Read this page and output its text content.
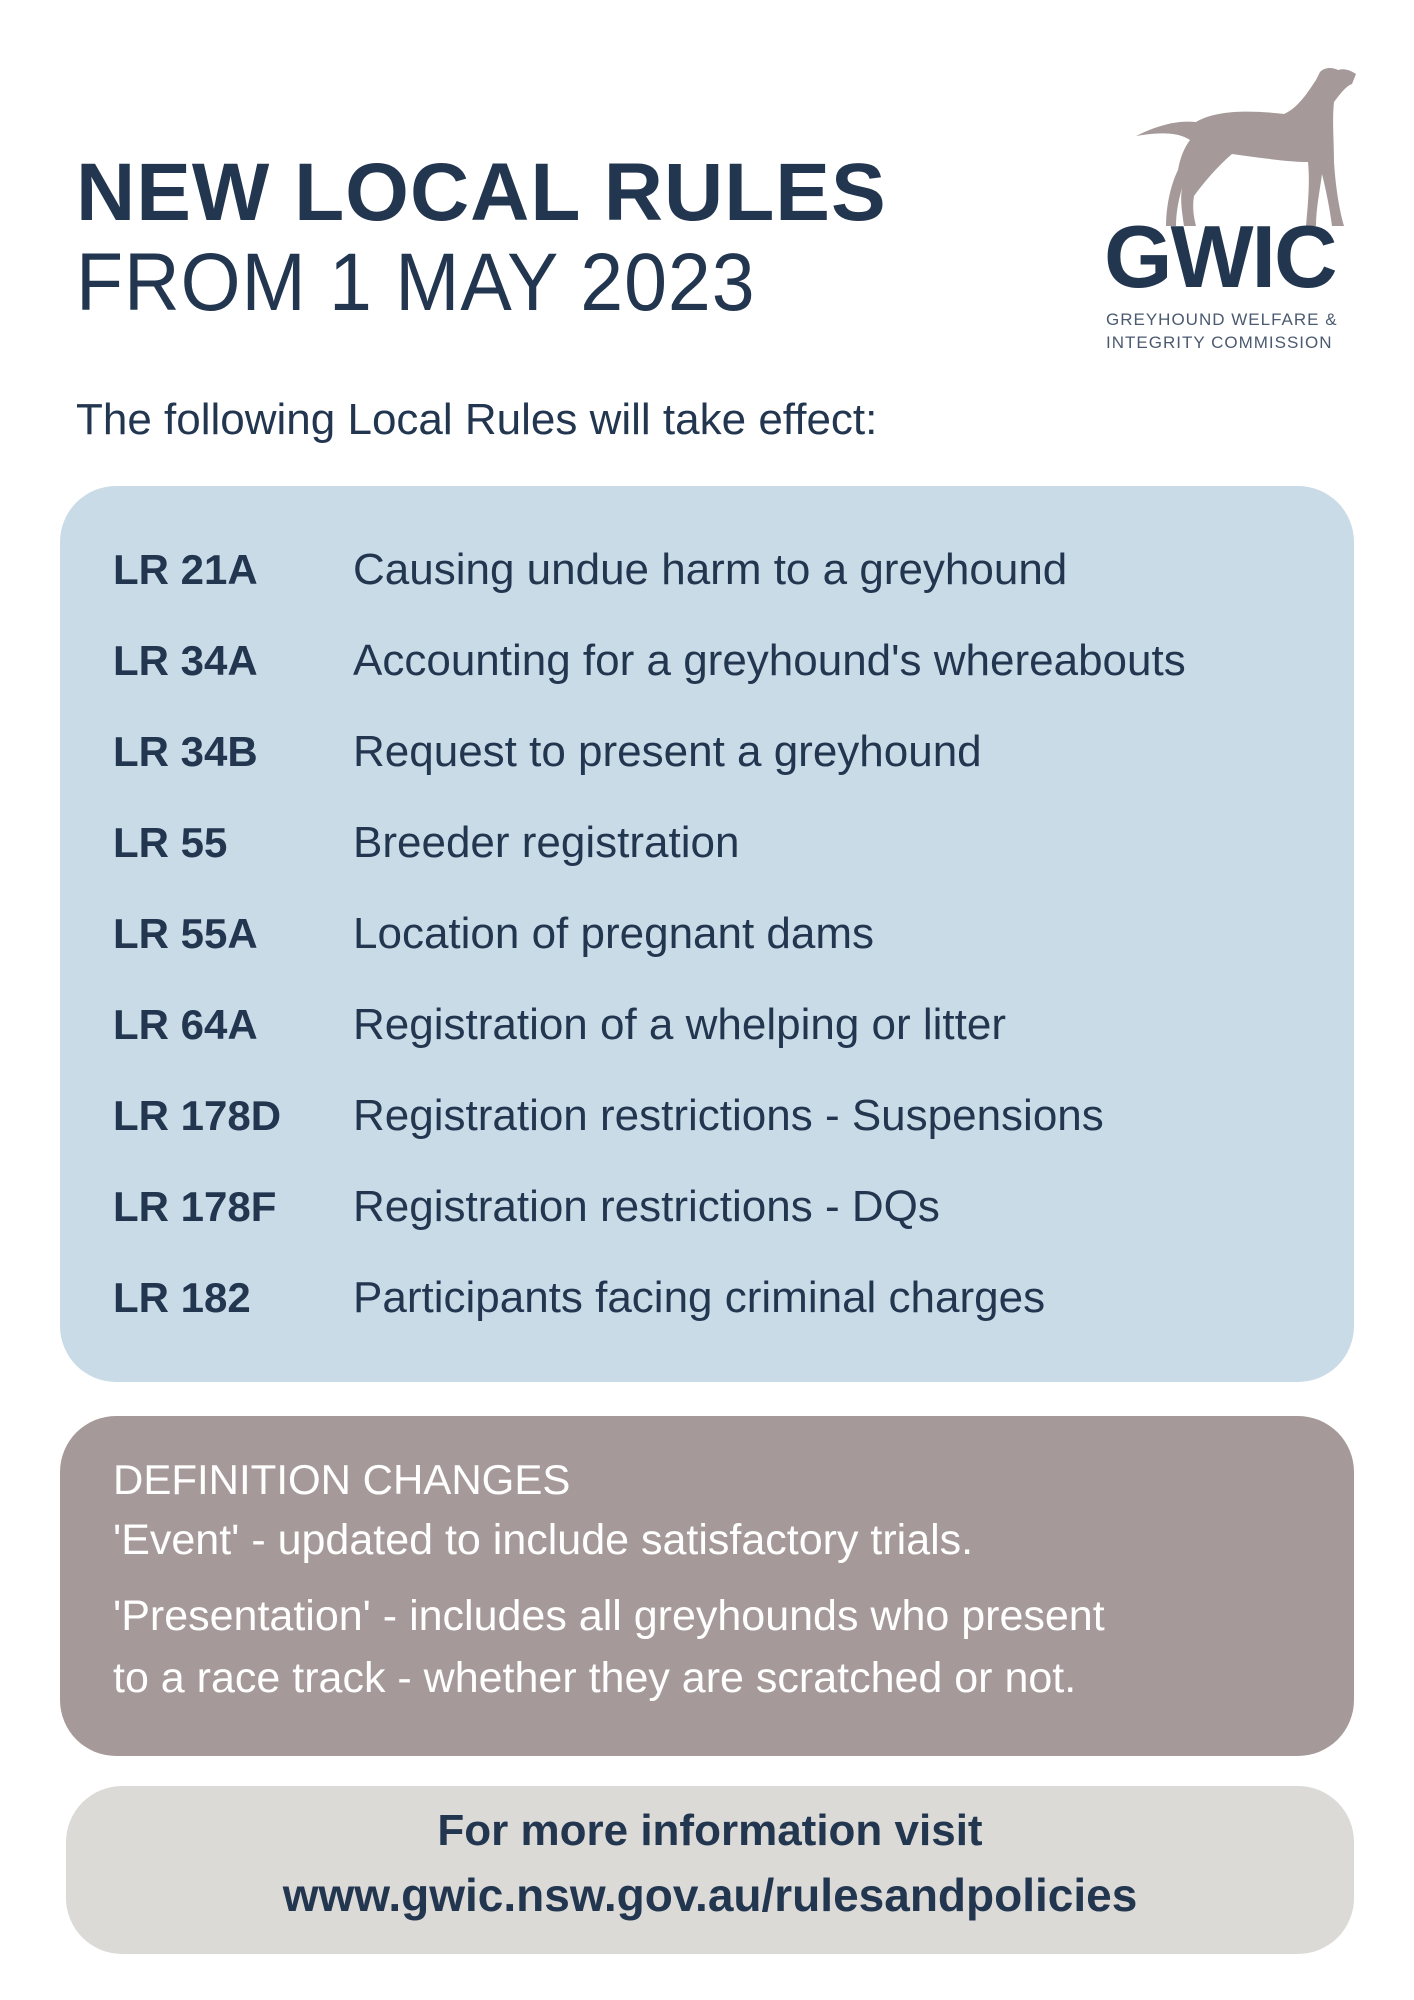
NEW LOCAL RULES
FROM 1 MAY 2023	GWIC
GREYHOUND WELFARE &
INTEGRITY COMMISSION
The following Local Rules will take effect:
LR 21A	Causing undue harm to a greyhound
LR 34A	Accounting for a greyhound's whereabouts
LR 34B	Request to present a greyhound
LR 55	Breeder registration
LR 55A	Location of pregnant dams
LR 64A	Registration of a whelping or litter
LR 178D	Registration restrictions - Suspensions
LR 178F	Registration restrictions - DQs
LR 182	Participants facing criminal charges
DEFINITION CHANGES
'Event' - updated to include satisfactory trials.
'Presentation' - includes all greyhounds who present
to a race track - whether they are scratched or not.
For more information visit
www.gwic.nsw.gov.au/rulesandpolicies
